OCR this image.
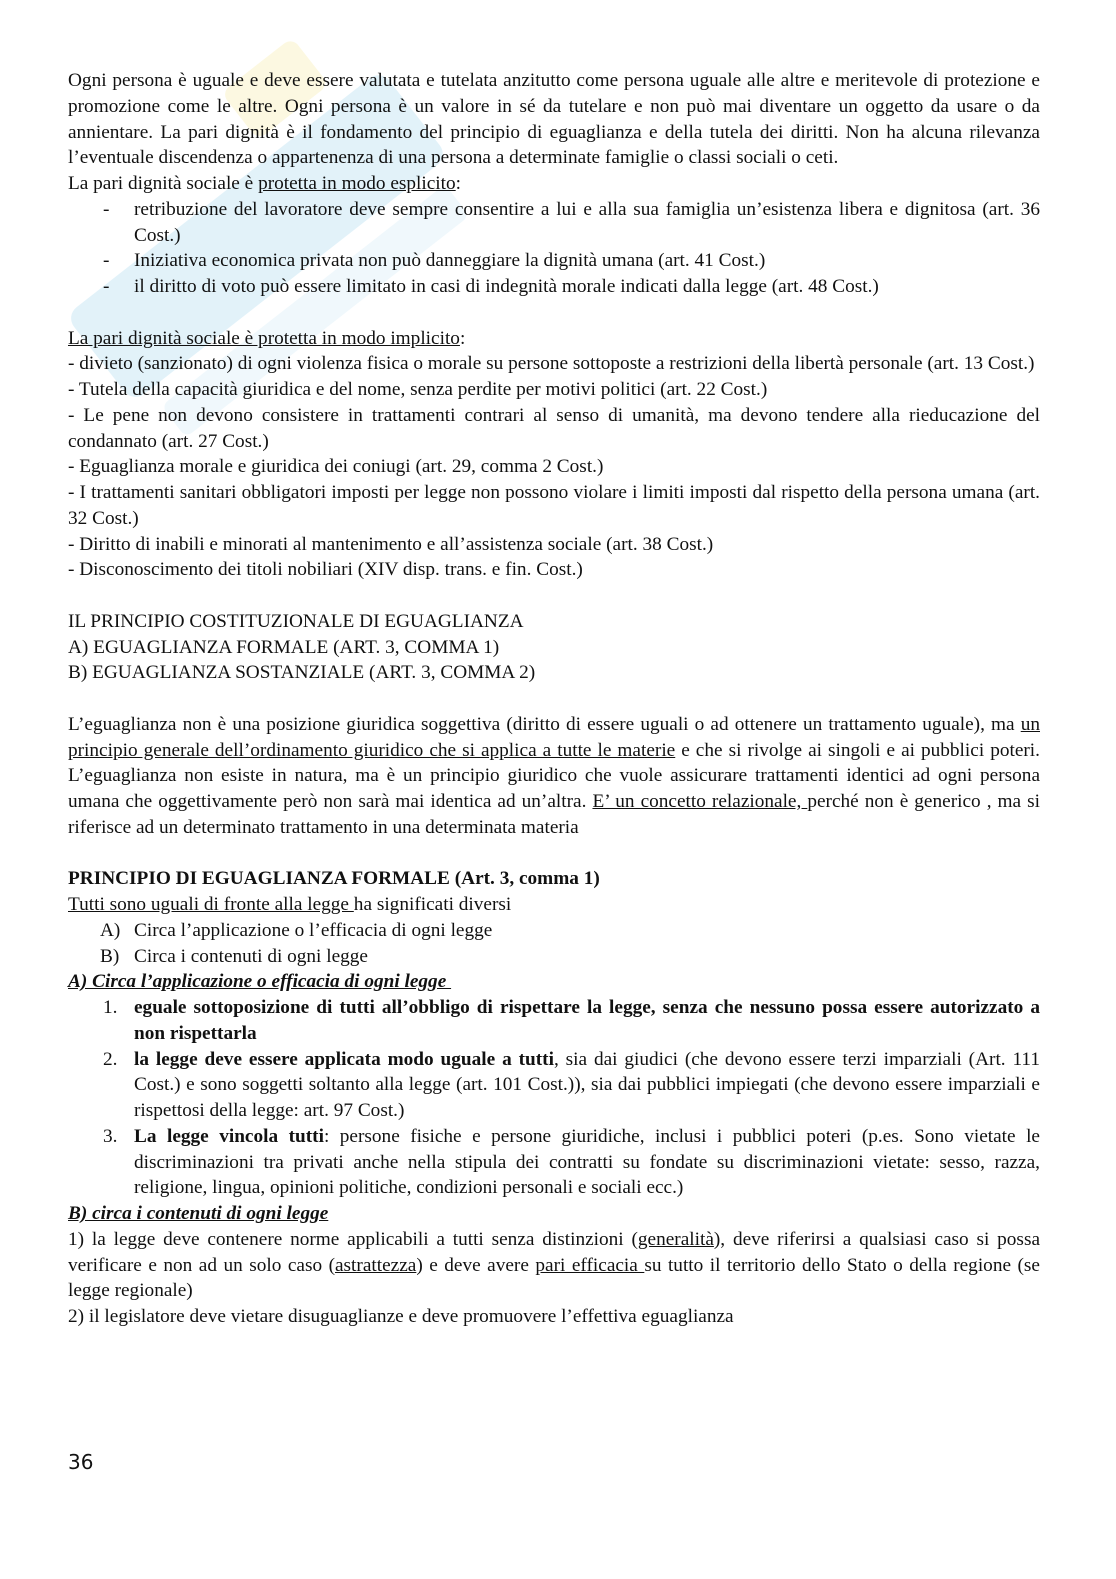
Ogni persona è uguale e deve essere valutata e tutelata anzitutto come persona uguale alle altre e meritevole di protezione e promozione come le altre. Ogni persona è un valore in sé da tutelare e non può mai diventare un oggetto da usare o da annientare. La pari dignità è il fondamento del principio di eguaglianza e della tutela dei diritti. Non ha alcuna rilevanza l’eventuale discendenza o appartenenza di una persona a determinate famiglie o classi sociali o ceti.

La pari dignità sociale è protetta in modo esplicito:
- retribuzione del lavoratore deve sempre consentire a lui e alla sua famiglia un’esistenza libera e dignitosa (art. 36 Cost.)
- Iniziativa economica privata non può danneggiare la dignità umana (art. 41 Cost.)
- il diritto di voto può essere limitato in casi di indegnità morale indicati dalla legge (art. 48 Cost.)
La pari dignità sociale è protetta in modo implicito:
- divieto (sanzionato) di ogni violenza fisica o morale su persone sottoposte a restrizioni della libertà personale (art. 13 Cost.)
- Tutela della capacità giuridica e del nome, senza perdite per motivi politici (art. 22 Cost.)
- Le pene non devono consistere in trattamenti contrari al senso di umanità, ma devono tendere alla rieducazione del condannato (art. 27 Cost.)
- Eguaglianza morale e giuridica dei coniugi (art. 29, comma 2 Cost.)
- I trattamenti sanitari obbligatori imposti per legge non possono violare i limiti imposti dal rispetto della persona umana (art. 32 Cost.)
- Diritto di inabili e minorati al mantenimento e all’assistenza sociale (art. 38 Cost.)
- Disconoscimento dei titoli nobiliari (XIV disp. trans. e fin. Cost.)
IL PRINCIPIO COSTITUZIONALE DI EGUAGLIANZA
A) EGUAGLIANZA FORMALE (ART. 3, COMMA 1)
B) EGUAGLIANZA SOSTANZIALE (ART. 3, COMMA 2)

L’eguaglianza non è una posizione giuridica soggettiva (diritto di essere uguali o ad ottenere un trattamento uguale), ma un principio generale dell’ordinamento giuridico che si applica a tutte le materie e che si rivolge ai singoli e ai pubblici poteri. L’eguaglianza non esiste in natura, ma è un principio giuridico che vuole assicurare trattamenti identici ad ogni persona umana che oggettivamente però non sarà mai identica ad un’altra. E’ un concetto relazionale, perché non è generico , ma si riferisce ad un determinato trattamento in una determinata materia

PRINCIPIO DI EGUAGLIANZA FORMALE (Art. 3, comma 1)
Tutti sono uguali di fronte alla legge ha significati diversi
A) Circa l’applicazione o l’efficacia di ogni legge
B) Circa i contenuti di ogni legge
A) Circa l’applicazione o efficacia di ogni legge
1. eguale sottoposizione di tutti all’obbligo di rispettare la legge, senza che nessuno possa essere autorizzato a non rispettarla
2. la legge deve essere applicata modo uguale a tutti, sia dai giudici (che devono essere terzi imparziali (Art. 111 Cost.) e sono soggetti soltanto alla legge (art. 101 Cost.)), sia dai pubblici impiegati (che devono essere imparziali e rispettosi della legge: art. 97 Cost.)
3. La legge vincola tutti: persone fisiche e persone giuridiche, inclusi i pubblici poteri (p.es. Sono vietate le discriminazioni tra privati anche nella stipula dei contratti su fondate su discriminazioni vietate: sesso, razza, religione, lingua, opinioni politiche, condizioni personali e sociali ecc.)
B) circa i contenuti di ogni legge

1) la legge deve contenere norme applicabili a tutti senza distinzioni (generalità), deve riferirsi a qualsiasi caso si possa verificare e non ad un solo caso (astrattezza) e deve avere pari efficacia su tutto il territorio dello Stato o della regione (se legge regionale)

2) il legislatore deve vietare disuguaglianze e deve promuovere l’effettiva eguaglianza
36
